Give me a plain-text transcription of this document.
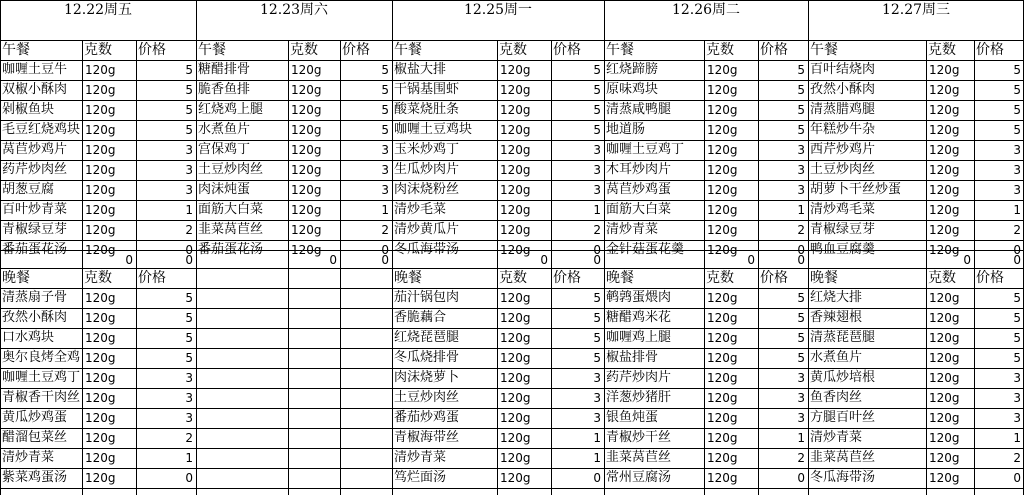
12.22周五
午餐	克数	价格
咖喱土豆牛	120g	5
双椒小酥肉	120g	5
剁椒鱼块	120g	5
毛豆红烧鸡块 120g	5
莴苣炒鸡片	120g	3
药芹炒肉丝	120g	3
胡葱豆腐	120g	3
百叶炒青菜	120g	1
青椒绿豆芽	120g	2
番茄蛋花汤	120g	0
0	0
晚餐	克数	价格
清蒸扇子骨	120g	5
孜然小酥肉	120g	5
口水鸡块	120g	5
奥尔良烤全鸡 120g	5
咖喱土豆鸡丁 120g	3
青椒香干肉丝 120g	3
黄瓜炒鸡蛋	120g	3
醋溜包菜丝	120g	2
清炒青菜	120g	1
紫菜鸡蛋汤	120g	0
12.23周六
午餐	克数	价格
糖醋排骨	120g	5
脆香鱼排	120g	5
红烧鸡上腿	120g	5
水煮鱼片	120g	5
宫保鸡丁	120g	3
土豆炒肉丝	120g	3
肉沫炖蛋	120g	3
面筋大白菜	120g	1
韭菜莴苣丝	120g	2
番茄蛋花汤	120g	0
0	0
12.25周一
午餐	克数	价格
椒盐大排	120g	5
干锅基围虾	120g	5
酸菜烧肚条	120g	5
咖喱土豆鸡块	120g	5
玉米炒鸡丁	120g	3
生瓜炒肉片	120g	3
肉沫烧粉丝	120g	3
清炒毛菜	120g	1
清炒黄瓜片	120g	2
冬瓜海带汤	120g	0
0	0
晚餐	克数	价格
茄汁锅包肉	120g	5
香脆藕合	120g	5
红烧琵琶腿	120g	5
冬瓜烧排骨	120g	5
肉沫烧萝卜	120g	3
土豆炒肉丝	120g	3
番茄炒鸡蛋	120g	3
青椒海带丝	120g	1
清炒青菜	120g	1
笃烂面汤	120g	0
12.26周二
午餐	克数	价格
红烧蹄膀	120g	5
原味鸡块	120g	5
清蒸咸鸭腿	120g	5
地道肠	120g	5
咖喱土豆鸡丁	120g	3
木耳炒肉片	120g	3
莴苣炒鸡蛋	120g	3
面筋大白菜	120g	1
清炒青菜	120g	2
金针菇蛋花羹	120g	0
0	0
晚餐	克数	价格
鹌鹑蛋煨肉	120g	5
糖醋鸡米花	120g	5
咖喱鸡上腿	120g	5
椒盐排骨	120g	5
药芹炒肉片	120g	3
洋葱炒猪肝	120g	3
银鱼炖蛋	120g	3
青椒炒干丝	120g	1
韭菜莴苣丝	120g	2
常州豆腐汤	120g	0
12.27周三
午餐	克数	价格
百叶结烧肉	120g	5
孜然小酥肉	120g	5
清蒸腊鸡腿	120g	5
年糕炒牛杂	120g	5
西芹炒鸡片	120g	3
土豆炒肉丝	120g	3
胡萝卜干丝炒蛋	120g	3
清炒鸡毛菜	120g	1
青椒绿豆芽	120g	2
鸭血豆腐羹	120g	0
0	0
晚餐	克数	价格
红烧大排	120g	5
香辣翅根	120g	5
清蒸琵琶腿	120g	5
水煮鱼片	120g	5
黄瓜炒培根	120g	3
鱼香肉丝	120g	3
方腿百叶丝	120g	3
清炒青菜	120g	1
韭菜莴苣丝	120g	2
冬瓜海带汤	120g	0
